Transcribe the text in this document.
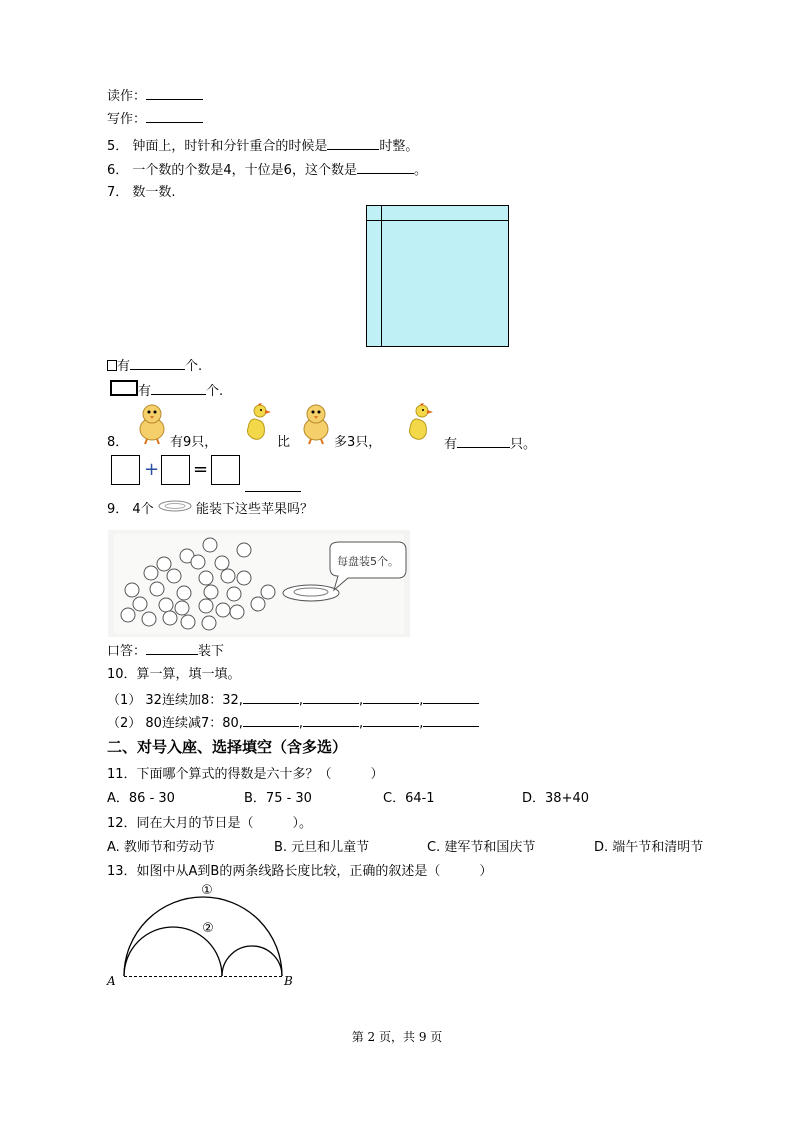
读作：
写作：
5． 钟面上，时针和分针重合的时候是	时整。
6． 一个数的个数是4，十位是6，这个数是	。
7． 数一数.
有	个.
有	个.
8．	有9只，	比	多3只，	有	只。
+ =
9． 4个	能装下这些苹果吗？
每盘装5个。
口答：	装下
10．算一算，填一填。
（1） 32连续加8：32,	,	,	,
（2） 80连续减7：80,	,	,	,
二、对号入座、选择填空（含多选）
11．下面哪个算式的得数是六十多？（　　　）
A．86 - 30	B．75 - 30	C．64-1	D．38+40
12．同在大月的节日是（　　　）。
A. 教师节和劳动节	B. 元旦和儿童节	C. 建军节和国庆节	D. 端午节和清明节
13．如图中从A到B的两条线路长度比较，正确的叙述是（　　　）
①
②
A	B
第 2 页，共 9 页
